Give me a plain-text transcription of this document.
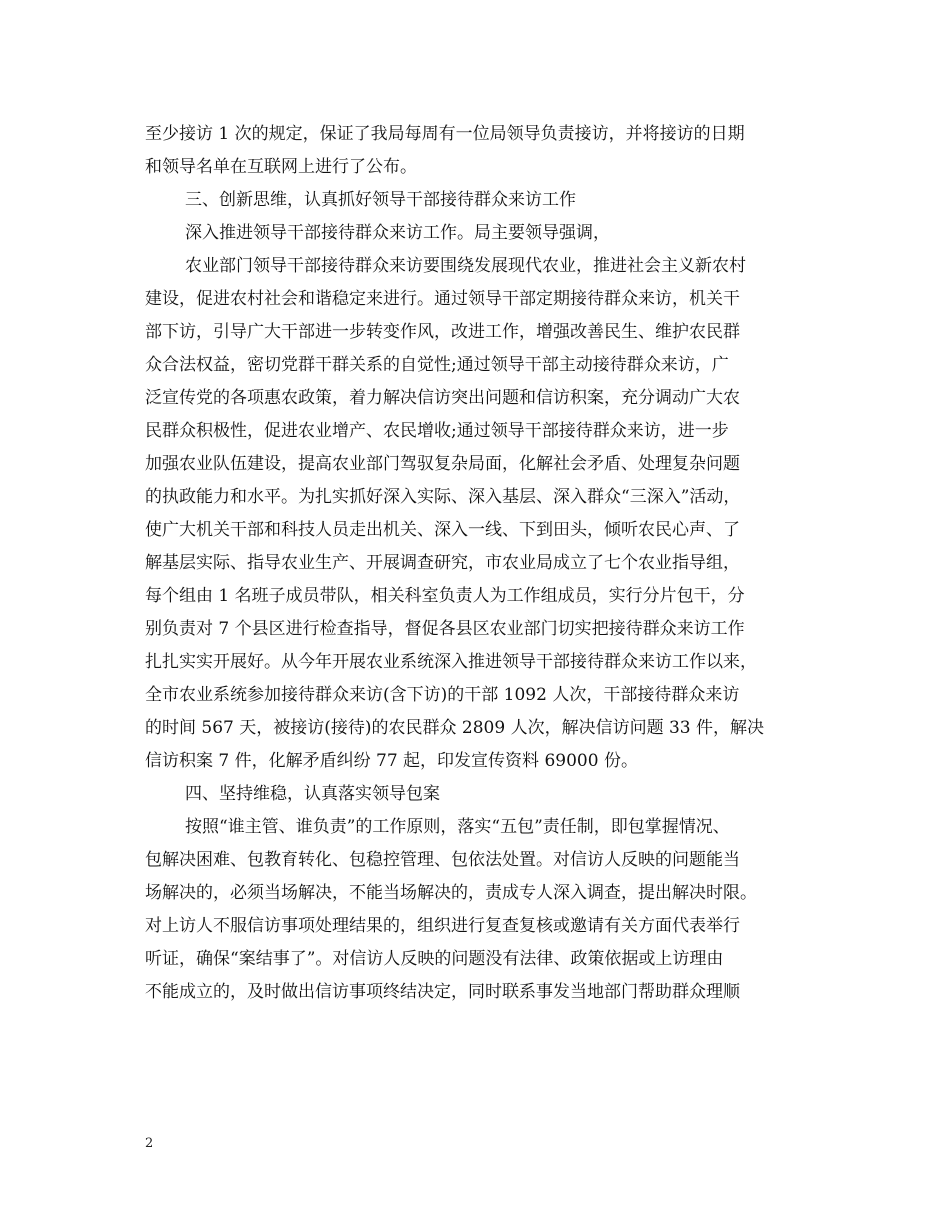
至少接访 1 次的规定，保证了我局每周有一位局领导负责接访，并将接访的日期
和领导名单在互联网上进行了公布。
三、创新思维，认真抓好领导干部接待群众来访工作
深入推进领导干部接待群众来访工作。局主要领导强调，
农业部门领导干部接待群众来访要围绕发展现代农业，推进社会主义新农村
建设，促进农村社会和谐稳定来进行。通过领导干部定期接待群众来访，机关干
部下访，引导广大干部进一步转变作风，改进工作，增强改善民生、维护农民群
众合法权益，密切党群干群关系的自觉性;通过领导干部主动接待群众来访，广
泛宣传党的各项惠农政策，着力解决信访突出问题和信访积案，充分调动广大农
民群众积极性，促进农业增产、农民增收;通过领导干部接待群众来访，进一步
加强农业队伍建设，提高农业部门驾驭复杂局面，化解社会矛盾、处理复杂问题
的执政能力和水平。为扎实抓好深入实际、深入基层、深入群众“三深入”活动，
使广大机关干部和科技人员走出机关、深入一线、下到田头，倾听农民心声、了
解基层实际、指导农业生产、开展调查研究，市农业局成立了七个农业指导组，
每个组由 1 名班子成员带队，相关科室负责人为工作组成员，实行分片包干，分
别负责对 7 个县区进行检查指导，督促各县区农业部门切实把接待群众来访工作
扎扎实实开展好。从今年开展农业系统深入推进领导干部接待群众来访工作以来，
全市农业系统参加接待群众来访(含下访)的干部 1092 人次，干部接待群众来访
的时间 567 天，被接访(接待)的农民群众 2809 人次，解决信访问题 33 件，解决
信访积案 7 件，化解矛盾纠纷 77 起，印发宣传资料 69000 份。
四、坚持维稳，认真落实领导包案
按照“谁主管、谁负责”的工作原则，落实“五包”责任制，即包掌握情况、
包解决困难、包教育转化、包稳控管理、包依法处置。对信访人反映的问题能当
场解决的，必须当场解决，不能当场解决的，责成专人深入调查，提出解决时限。
对上访人不服信访事项处理结果的，组织进行复查复核或邀请有关方面代表举行
听证，确保“案结事了”。对信访人反映的问题没有法律、政策依据或上访理由
不能成立的，及时做出信访事项终结决定，同时联系事发当地部门帮助群众理顺
2
